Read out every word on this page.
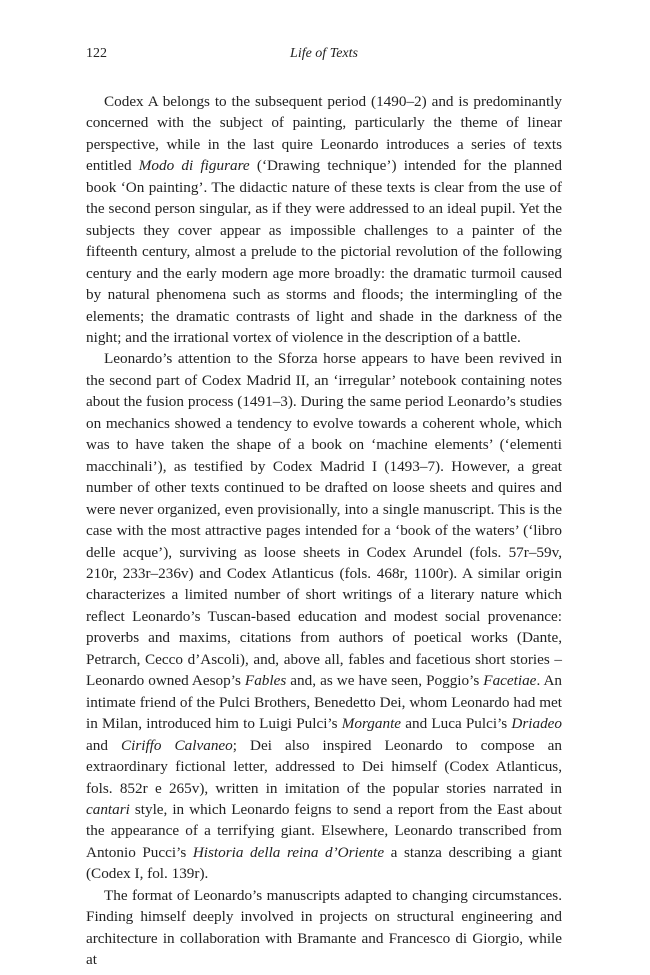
122	Life of Texts

Codex A belongs to the subsequent period (1490–2) and is predominantly concerned with the subject of painting, particularly the theme of linear perspective, while in the last quire Leonardo introduces a series of texts entitled Modo di figurare (‘Drawing technique’) intended for the planned book ‘On painting’. The didactic nature of these texts is clear from the use of the second person singular, as if they were addressed to an ideal pupil. Yet the subjects they cover appear as impossible challenges to a painter of the fifteenth century, almost a prelude to the pictorial revolution of the following century and the early modern age more broadly: the dramatic turmoil caused by natural phenomena such as storms and floods; the intermingling of the elements; the dramatic contrasts of light and shade in the darkness of the night; and the irrational vortex of violence in the description of a battle.

Leonardo’s attention to the Sforza horse appears to have been revived in the second part of Codex Madrid II, an ‘irregular’ notebook containing notes about the fusion process (1491–3). During the same period Leonardo’s studies on mechanics showed a tendency to evolve towards a coherent whole, which was to have taken the shape of a book on ‘machine elements’ (‘elementi macchinali’), as testified by Codex Madrid I (1493–7). However, a great number of other texts continued to be drafted on loose sheets and quires and were never organized, even provisionally, into a single manuscript. This is the case with the most attractive pages intended for a ‘book of the waters’ (‘libro delle acque’), surviving as loose sheets in Codex Arundel (fols. 57r–59v, 210r, 233r–236v) and Codex Atlanticus (fols. 468r, 1100r). A similar origin characterizes a limited number of short writings of a literary nature which reflect Leonardo’s Tuscan-based education and modest social provenance: proverbs and maxims, citations from authors of poetical works (Dante, Petrarch, Cecco d’Ascoli), and, above all, fables and facetious short stories – Leonardo owned Aesop’s Fables and, as we have seen, Poggio’s Facetiae. An intimate friend of the Pulci Brothers, Benedetto Dei, whom Leonardo had met in Milan, introduced him to Luigi Pulci’s Morgante and Luca Pulci’s Driadeo and Ciriffo Calvaneo; Dei also inspired Leonardo to compose an extraordinary fictional letter, addressed to Dei himself (Codex Atlanticus, fols. 852r e 265v), written in imitation of the popular stories narrated in cantari style, in which Leonardo feigns to send a report from the East about the appearance of a terrifying giant. Elsewhere, Leonardo transcribed from Antonio Pucci’s Historia della reina d’Oriente a stanza describing a giant (Codex I, fol. 139r).

The format of Leonardo’s manuscripts adapted to changing circumstances. Finding himself deeply involved in projects on structural engineering and architecture in collaboration with Bramante and Francesco di Giorgio, while at
